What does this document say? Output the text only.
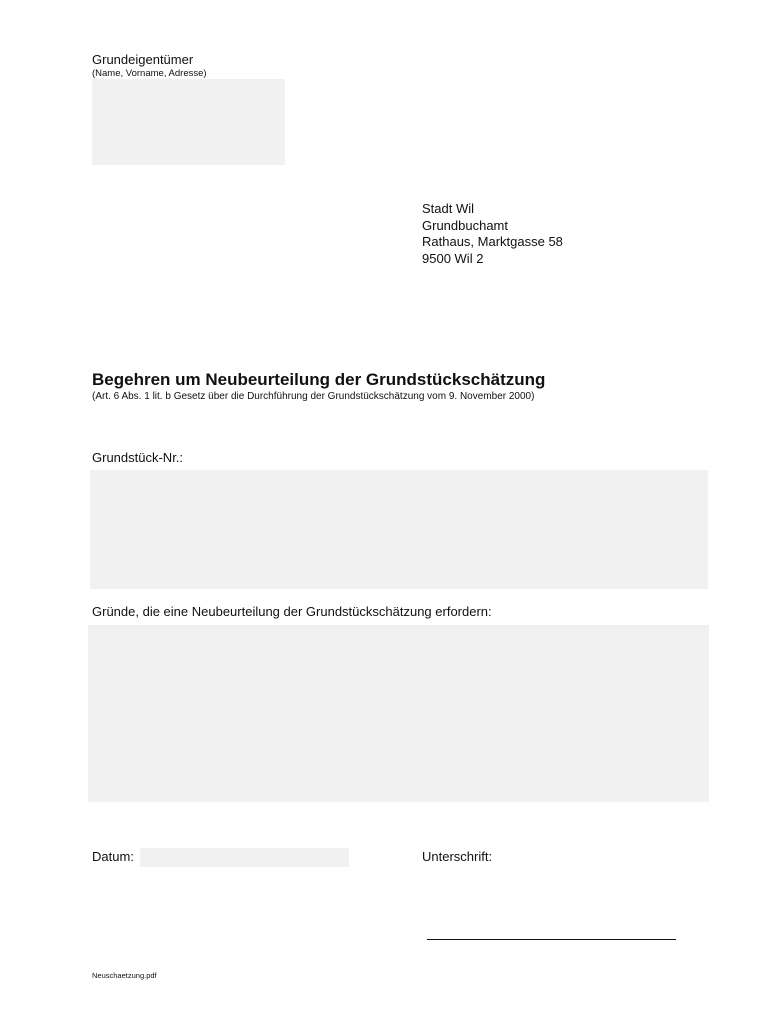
Grundeigentümer
(Name, Vorname, Adresse)
Stadt Wil
Grundbuchamt
Rathaus, Marktgasse 58
9500 Wil 2
Begehren um Neubeurteilung der Grundstückschätzung
(Art. 6 Abs. 1 lit. b Gesetz über die Durchführung der Grundstückschätzung vom 9. November 2000)
Grundstück-Nr.:
Gründe, die eine Neubeurteilung der Grundstückschätzung erfordern:
Datum:	Unterschrift:
Neuschaetzung.pdf
